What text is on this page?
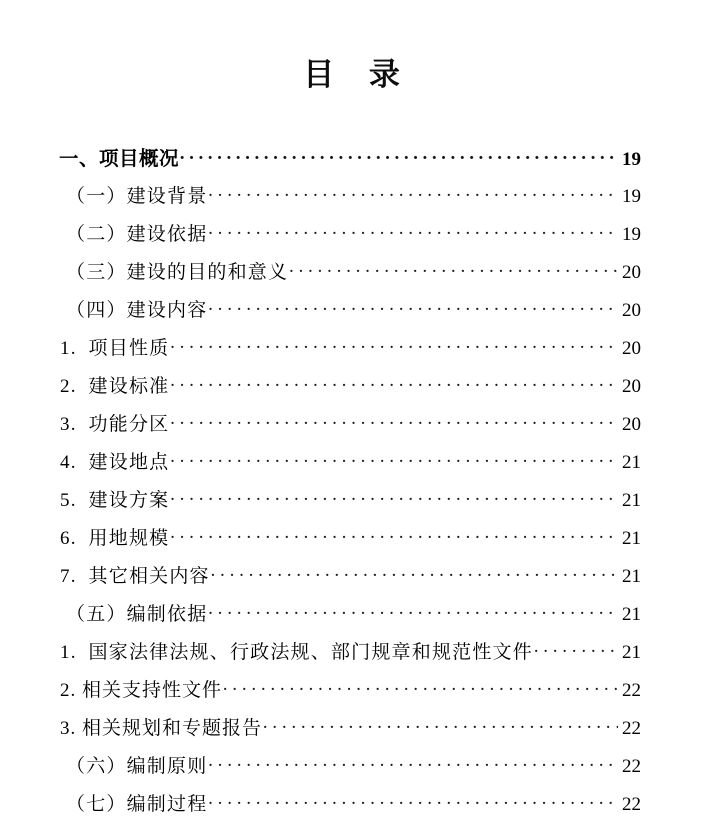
目　录
一、项目概况 ·····	19
（一）建设背景 ·····	19
（二）建设依据 ·····	19
（三）建设的目的和意义 ·····	20
（四）建设内容 ·····	20
1.  项目性质 ·····	20
2.  建设标准 ·····	20
3.  功能分区 ·····	20
4.  建设地点 ·····	21
5.  建设方案 ·····	21
6.  用地规模 ·····	21
7.  其它相关内容 ·····	21
（五）编制依据 ·····	21
1.  国家法律法规、行政法规、部门规章和规范性文件 ·····	21
2. 相关支持性文件 ·····	22
3. 相关规划和专题报告 ·····	22
（六）编制原则 ·····	22
（七）编制过程 ·····	22
